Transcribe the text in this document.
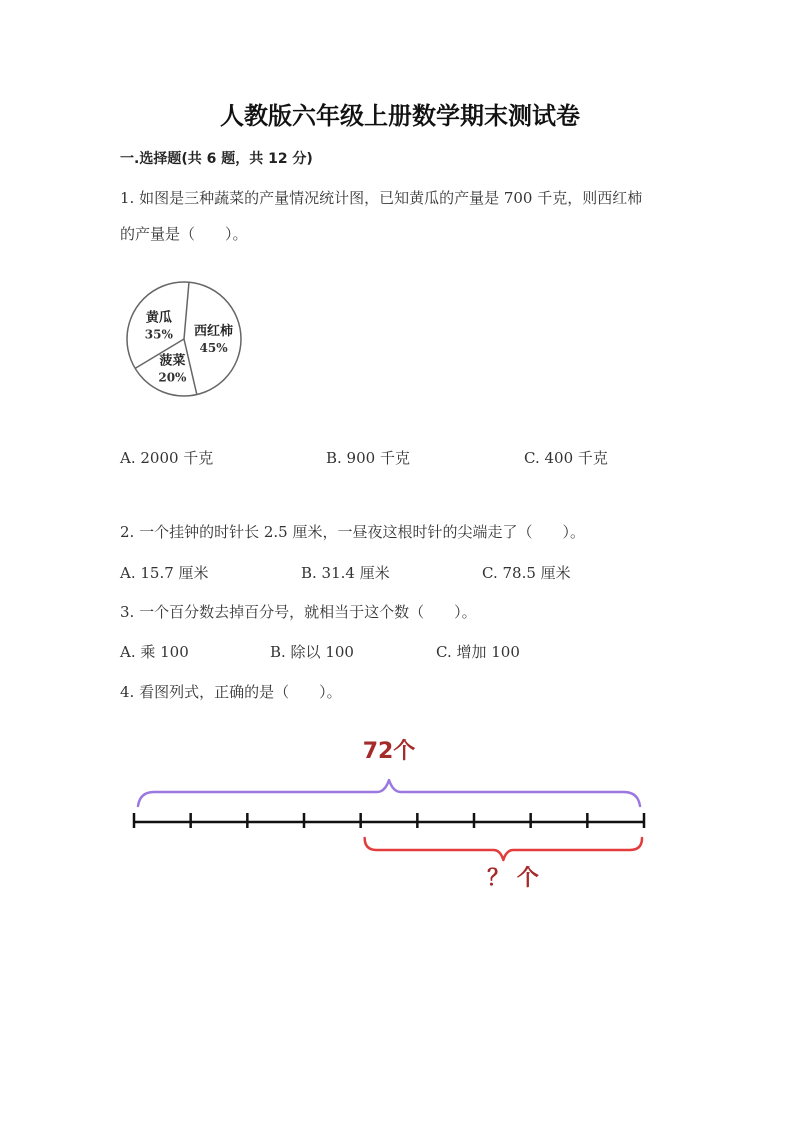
人教版六年级上册数学期末测试卷
一.选择题(共 6 题，共 12 分)
1. 如图是三种蔬菜的产量情况统计图，已知黄瓜的产量是 700 千克，则西红柿
的产量是（　　）。
西红柿
45%
菠菜
20%
黄瓜
35%
A. 2000 千克	B. 900 千克	C. 400 千克
2. 一个挂钟的时针长 2.5 厘米，一昼夜这根时针的尖端走了（　　）。
A. 15.7 厘米	B. 31.4 厘米	C. 78.5 厘米
3. 一个百分数去掉百分号，就相当于这个数（　　）。
A. 乘 100	B. 除以 100	C. 增加 100
4. 看图列式，正确的是（　　）。
72个
？ 个
